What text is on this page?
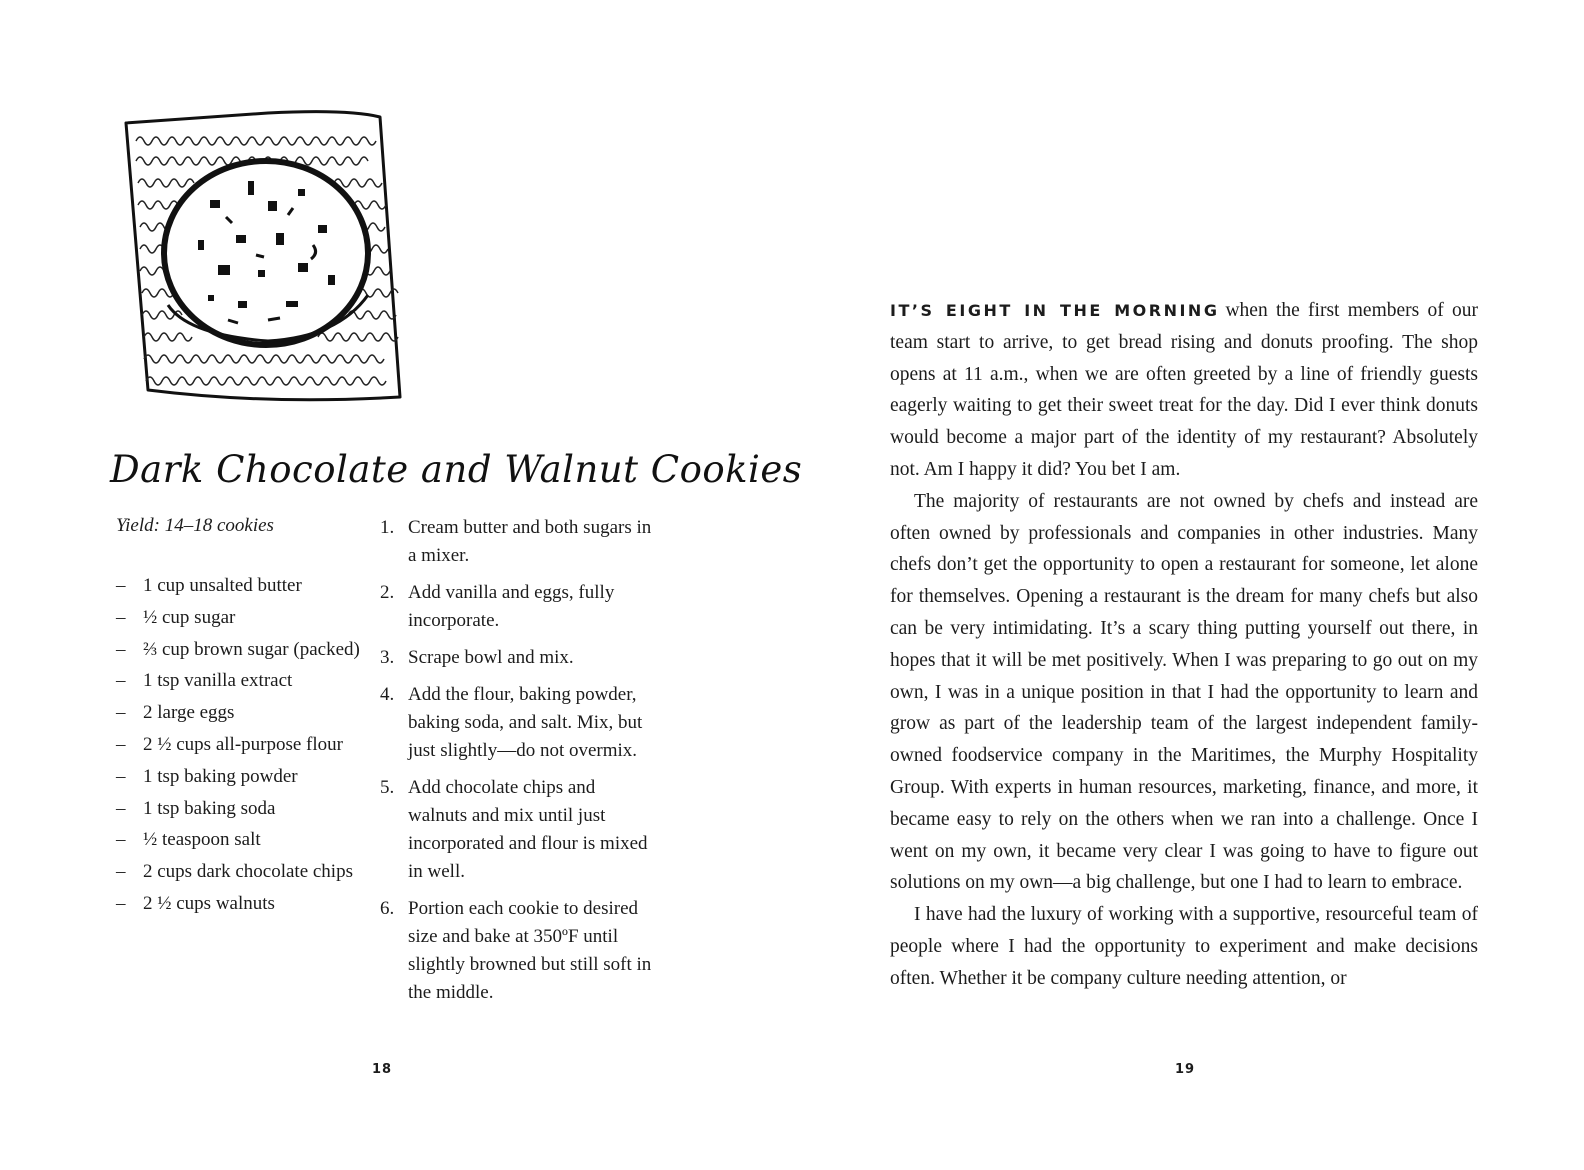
Dark Chocolate and Walnut Cookies
Yield: 14–18 cookies
– 1 cup unsalted butter
– ½ cup sugar
– ⅔ cup brown sugar (packed)
– 1 tsp vanilla extract
– 2 large eggs
– 2 ½ cups all-purpose flour
– 1 tsp baking powder
– 1 tsp baking soda
– ½ teaspoon salt
– 2 cups dark chocolate chips
– 2 ½ cups walnuts
1. Cream butter and both sugars in a mixer.
2. Add vanilla and eggs, fully incorporate.
3. Scrape bowl and mix.
4. Add the flour, baking powder, baking soda, and salt. Mix, but just slightly—do not overmix.
5. Add chocolate chips and walnuts and mix until just incorporated and flour is mixed in well.
6. Portion each cookie to desired size and bake at 350ºF until slightly browned but still soft in the middle.
18

IT’S EIGHT IN THE MORNING when the first members of our team start to arrive, to get bread rising and donuts proofing. The shop opens at 11 a.m., when we are often greeted by a line of friendly guests eagerly waiting to get their sweet treat for the day. Did I ever think donuts would become a major part of the identity of my restaurant? Absolutely not. Am I happy it did? You bet I am.

The majority of restaurants are not owned by chefs and instead are often owned by professionals and companies in other industries. Many chefs don’t get the opportunity to open a restaurant for someone, let alone for themselves. Opening a restaurant is the dream for many chefs but also can be very intimidating. It’s a scary thing putting yourself out there, in hopes that it will be met positively. When I was preparing to go out on my own, I was in a unique position in that I had the opportunity to learn and grow as part of the leadership team of the largest independent family-owned foodservice company in the Maritimes, the Murphy Hospitality Group. With experts in human resources, marketing, finance, and more, it became easy to rely on the others when we ran into a challenge. Once I went on my own, it became very clear I was going to have to figure out solutions on my own—a big challenge, but one I had to learn to embrace.

I have had the luxury of working with a supportive, resourceful team of people where I had the opportunity to experiment and make decisions often. Whether it be company culture needing attention, or

19
